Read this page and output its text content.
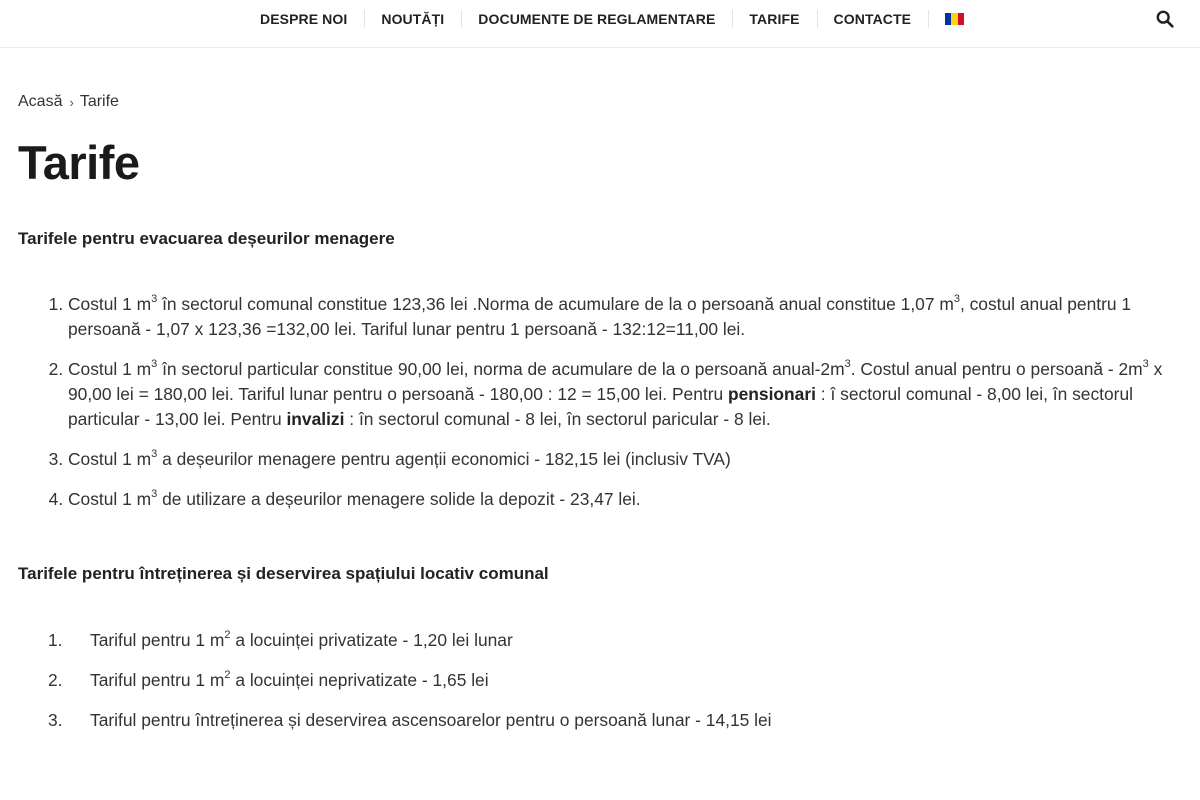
DESPRE NOI	NOUTĂȚI	DOCUMENTE DE REGLAMENTARE	TARIFE	CONTACTE
Acasă › Tarife
Tarife

Tarifele pentru evacuarea deșeurilor menagere

1. Costul 1 $m^3$ în sectorul comunal constitue 123,36 lei .Norma de acumulare de la o persoană anual constitue 1,07 $m^3$, costul anual pentru 1 persoană - 1,07 x 123,36 =132,00 lei. Tariful lunar pentru 1 persoană - 132:12=11,00 lei.
2. Costul 1 $m^3$ în sectorul particular constitue 90,00 lei, norma de acumulare de la o persoană anual-$2m^3$. Costul anual pentru o persoană - $2m^3$ x 90,00 lei = 180,00 lei. Tariful lunar pentru o persoană - 180,00 : 12 = 15,00 lei. Pentru pensionari : î sectorul comunal - 8,00 lei, în sectorul particular - 13,00 lei. Pentru invalizi : în sectorul comunal - 8 lei, în sectorul paricular - 8 lei.
3. Costul 1 $m^3$ a deșeurilor menagere pentru agenții economici - 182,15 lei (inclusiv TVA)
4. Costul 1 $m^3$ de utilizare a deșeurilor menagere solide la depozit - 23,47 lei.

Tarifele pentru întreținerea și deservirea spațiului locativ comunal

1.	Tariful pentru 1 $m^2$ a locuinței privatizate - 1,20 lei lunar
2.	Tariful pentru 1 $m^2$ a locuinței neprivatizate - 1,65 lei
3.	Tariful pentru întreținerea și deservirea ascensoarelor pentru o persoană lunar - 14,15 lei
